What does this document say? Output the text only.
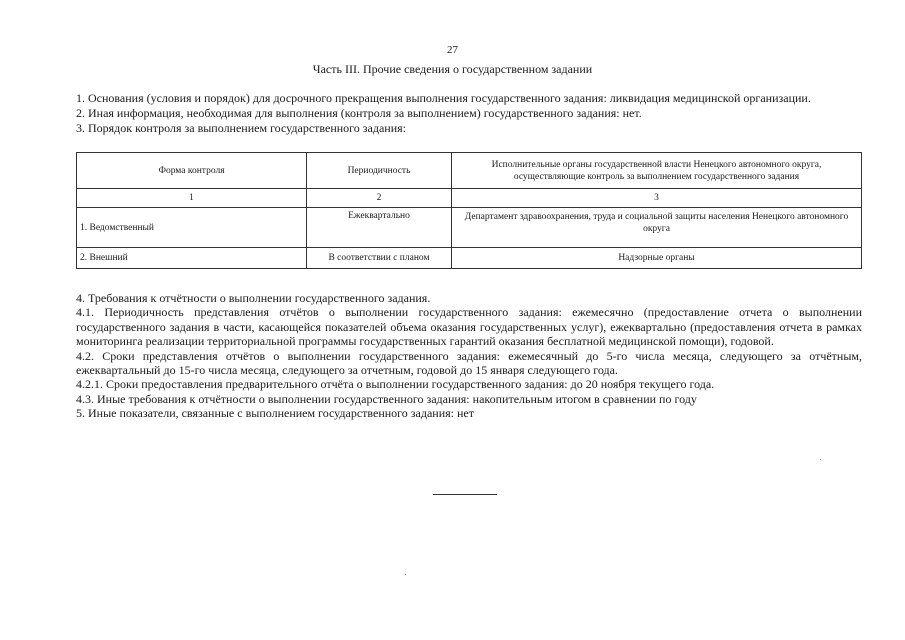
27
Часть III. Прочие сведения о государственном задании

1. Основания (условия и порядок) для досрочного прекращения выполнения государственного задания: ликвидация медицинской организации.

2. Иная информация, необходимая для выполнения (контроля за выполнением) государственного задания: нет.

3. Порядок контроля за выполнением государственного задания:

Форма контроля	Периодичность	Исполнительные органы государственной власти Ненецкого автономного округа, осуществляющие контроль за выполнением государственного задания
1	2	3
1. Ведомственный	Ежеквартально	Департамент здравоохранения, труда и социальной защиты населения Ненецкого автономного округа
2. Внешний	В соответствии с планом	Надзорные органы

4. Требования к отчётности о выполнении государственного задания.

4.1. Периодичность представления отчётов о выполнении государственного задания: ежемесячно (предоставление отчета о выполнении государственного задания в части, касающейся показателей объема оказания государственных услуг), ежеквартально (предоставления отчета в рамках мониторинга реализации территориальной программы государственных гарантий оказания бесплатной медицинской помощи), годовой.

4.2. Сроки представления отчётов о выполнении государственного задания: ежемесячный до 5-го числа месяца, следующего за отчётным, ежеквартальный до 15-го числа месяца, следующего за отчетным, годовой до 15 января следующего года.

4.2.1. Сроки предоставления предварительного отчёта о выполнении государственного задания: до 20 ноября текущего года.

4.3. Иные требования к отчётности о выполнении государственного задания: накопительным итогом в сравнении по году

5. Иные показатели, связанные с выполнением государственного задания: нет
